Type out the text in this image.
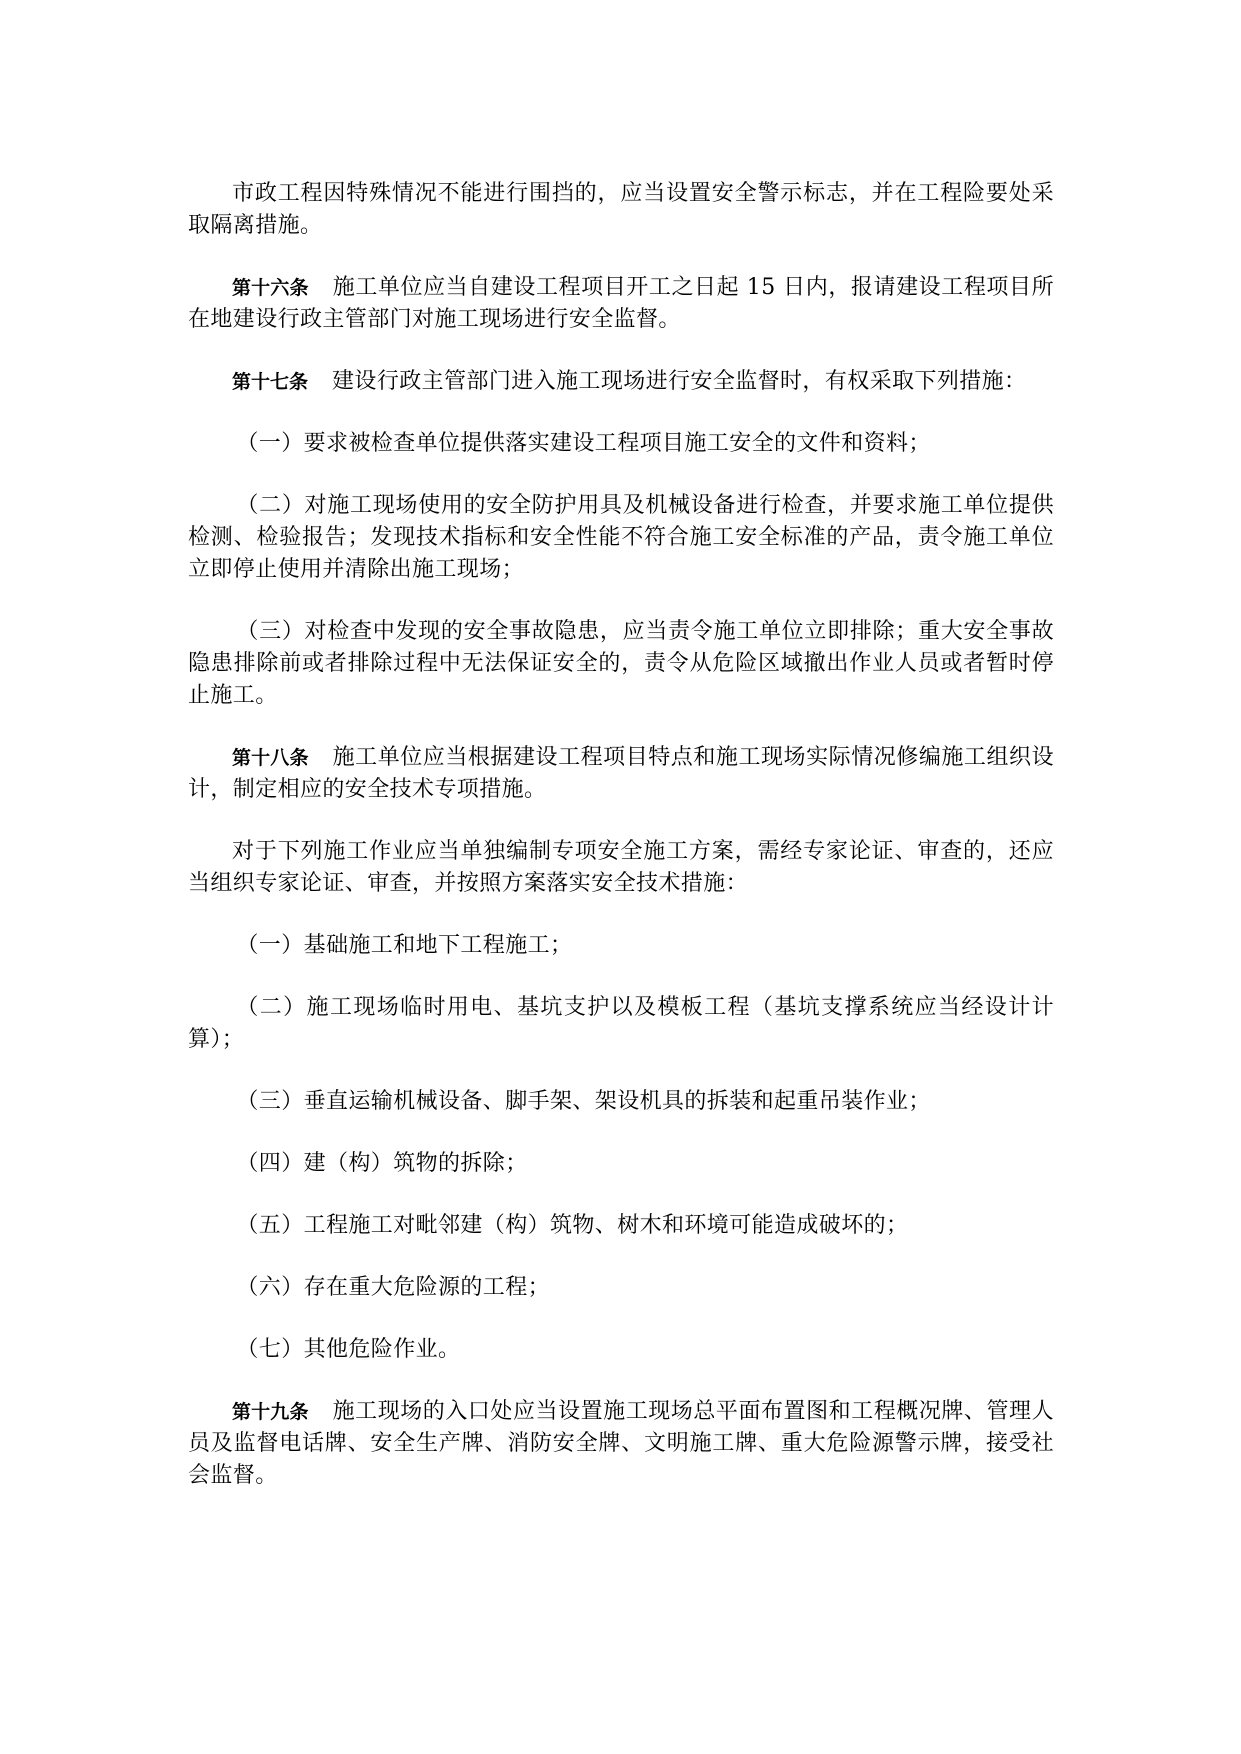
市政工程因特殊情况不能进行围挡的，应当设置安全警示标志，并在工程险要处采取隔离措施。

第十六条 施工单位应当自建设工程项目开工之日起 15 日内，报请建设工程项目所在地建设行政主管部门对施工现场进行安全监督。

第十七条 建设行政主管部门进入施工现场进行安全监督时，有权采取下列措施：

（一）要求被检查单位提供落实建设工程项目施工安全的文件和资料；

（二）对施工现场使用的安全防护用具及机械设备进行检查，并要求施工单位提供检测、检验报告；发现技术指标和安全性能不符合施工安全标准的产品，责令施工单位立即停止使用并清除出施工现场；

（三）对检查中发现的安全事故隐患，应当责令施工单位立即排除；重大安全事故隐患排除前或者排除过程中无法保证安全的，责令从危险区域撤出作业人员或者暂时停止施工。

第十八条 施工单位应当根据建设工程项目特点和施工现场实际情况修编施工组织设计，制定相应的安全技术专项措施。

对于下列施工作业应当单独编制专项安全施工方案，需经专家论证、审查的，还应当组织专家论证、审查，并按照方案落实安全技术措施：

（一）基础施工和地下工程施工；

（二）施工现场临时用电、基坑支护以及模板工程（基坑支撑系统应当经设计计算）；

（三）垂直运输机械设备、脚手架、架设机具的拆装和起重吊装作业；

（四）建（构）筑物的拆除；

（五）工程施工对毗邻建（构）筑物、树木和环境可能造成破坏的；

（六）存在重大危险源的工程；

（七）其他危险作业。

第十九条 施工现场的入口处应当设置施工现场总平面布置图和工程概况牌、管理人员及监督电话牌、安全生产牌、消防安全牌、文明施工牌、重大危险源警示牌，接受社会监督。
